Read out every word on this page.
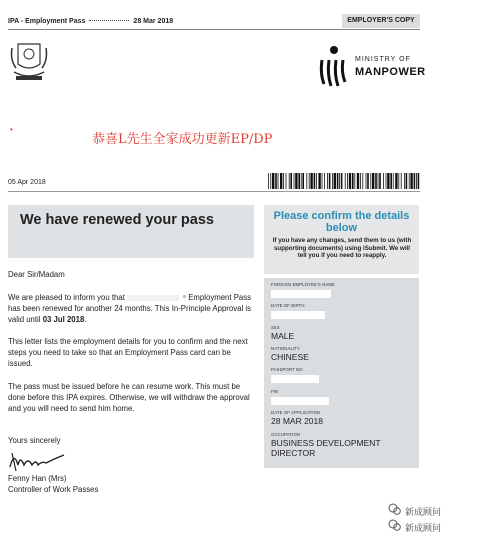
IPA - Employment Pass	28 Mar 2018	EMPLOYER'S COPY
MINISTRY OF
MANPOWER
•
恭喜L先生全家成功更新EP/DP
05 Apr 2018
We have renewed your pass
Dear Sir/Madam
We are pleased to inform you that	Employment Pass has been renewed for another 24 months. This In-Principle Approval is valid until 03 Jul 2018.
This letter lists the employment details for you to confirm and the next steps you need to take so that an Employment Pass card can be issued.
The pass must be issued before he can resume work. This must be done before this IPA expires. Otherwise, we will withdraw the approval and you will need to send him home.
Yours sincerely
Fenny Han (Mrs)
Controller of Work Passes
Please confirm the details below
If you have any changes, send them to us (with supporting documents) using iSubmit. We will tell you if you need to reapply.
FOREIGN EMPLOYEE'S NAME
DATE OF BIRTH
SEX
MALE
NATIONALITY
CHINESE
PASSPORT NO
FIN
DATE OF APPLICATION
28 MAR 2018
OCCUPATION
BUSINESS DEVELOPMENT DIRECTOR
新成顾问
新成顾问
